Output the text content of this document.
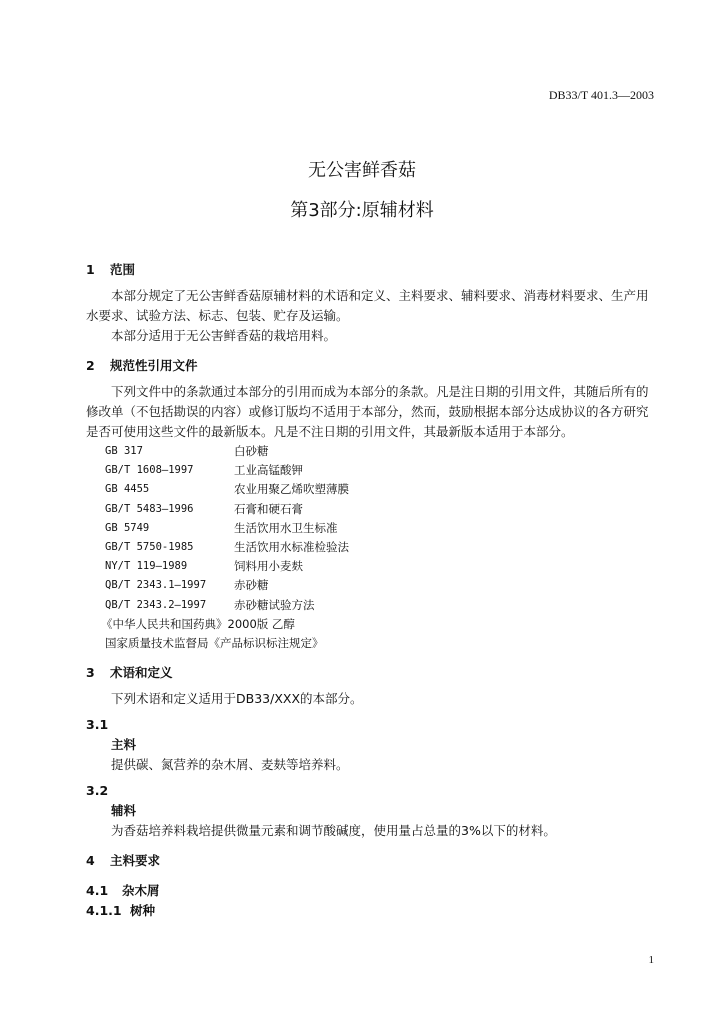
DB33/T 401.3—2003
无公害鲜香菇
第3部分:原辅材料

1 范围

本部分规定了无公害鲜香菇原辅材料的术语和定义、主料要求、辅料要求、消毒材料要求、生产用水要求、试验方法、标志、包装、贮存及运输。

本部分适用于无公害鲜香菇的栽培用料。

2 规范性引用文件

下列文件中的条款通过本部分的引用而成为本部分的条款。凡是注日期的引用文件，其随后所有的修改单（不包括勘误的内容）或修订版均不适用于本部分，然而，鼓励根据本部分达成协议的各方研究是否可使用这些文件的最新版本。凡是不注日期的引用文件，其最新版本适用于本部分。

GB 317	白砂糖
GB/T 1608—1997	工业高锰酸钾
GB 4455	农业用聚乙烯吹塑薄膜
GB/T 5483—1996	石膏和硬石膏
GB 5749	生活饮用水卫生标准
GB/T 5750-1985	生活饮用水标准检验法
NY/T 119—1989	饲料用小麦麸
QB/T 2343.1—1997	赤砂糖
QB/T 2343.2—1997	赤砂糖试验方法
《中华人民共和国药典》2000版 乙醇
国家质量技术监督局《产品标识标注规定》

3 术语和定义

下列术语和定义适用于DB33/XXX的本部分。

3.1

主料

提供碳、氮营养的杂木屑、麦麸等培养料。

3.2

辅料

为香菇培养料栽培提供微量元素和调节酸碱度，使用量占总量的3%以下的材料。

4 主料要求

4.1 杂木屑

4.1.1 树种

1
